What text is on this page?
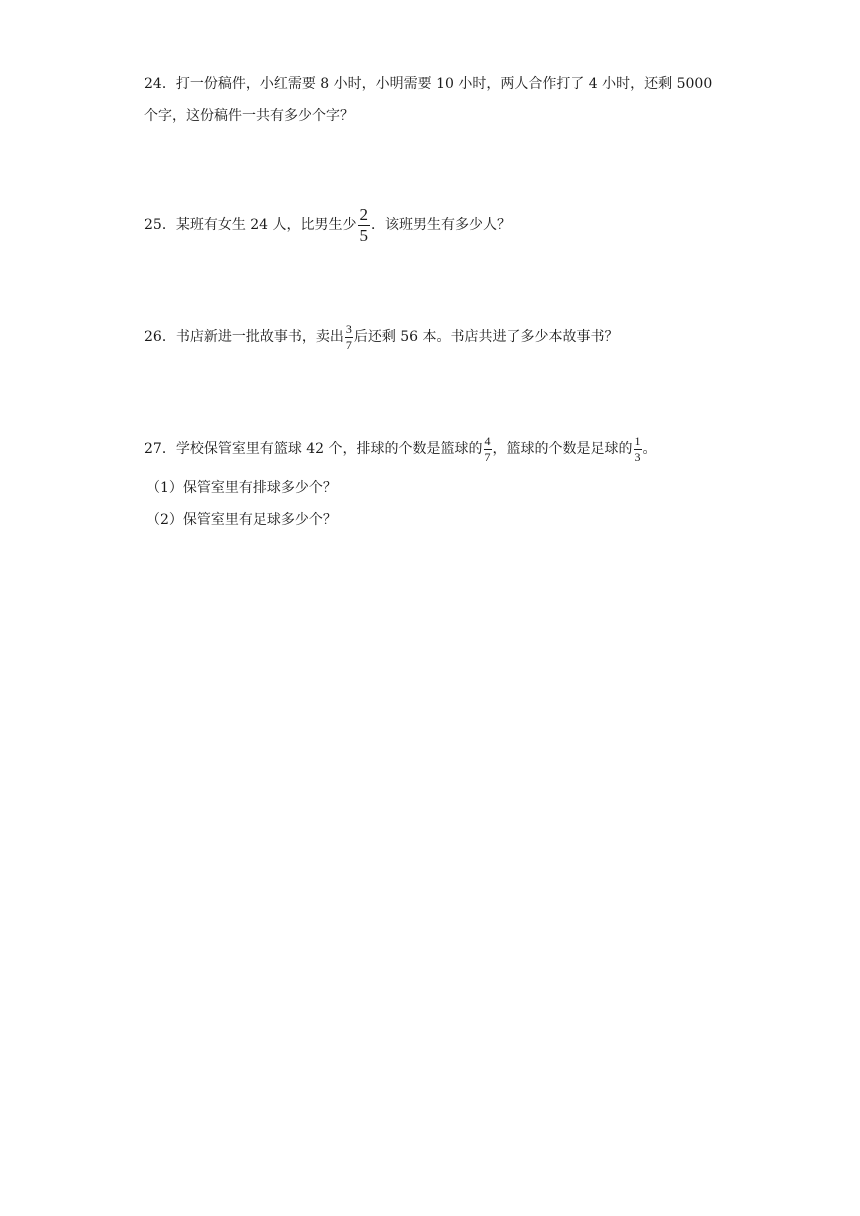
24．打一份稿件，小红需要 8 小时，小明需要 10 小时，两人合作打了 4 小时，还剩 5000
个字，这份稿件一共有多少个字？
25．某班有女生 24 人，比男生少 $\frac{2}{5}$ ．该班男生有多少人？
26．书店新进一批故事书，卖出 $\frac{3}{7}$ 后还剩 56 本。书店共进了多少本故事书？
27．学校保管室里有篮球 42 个，排球的个数是篮球的 $\frac{4}{7}$ ，篮球的个数是足球的 $\frac{1}{3}$ 。
（1）保管室里有排球多少个？
（2）保管室里有足球多少个？
